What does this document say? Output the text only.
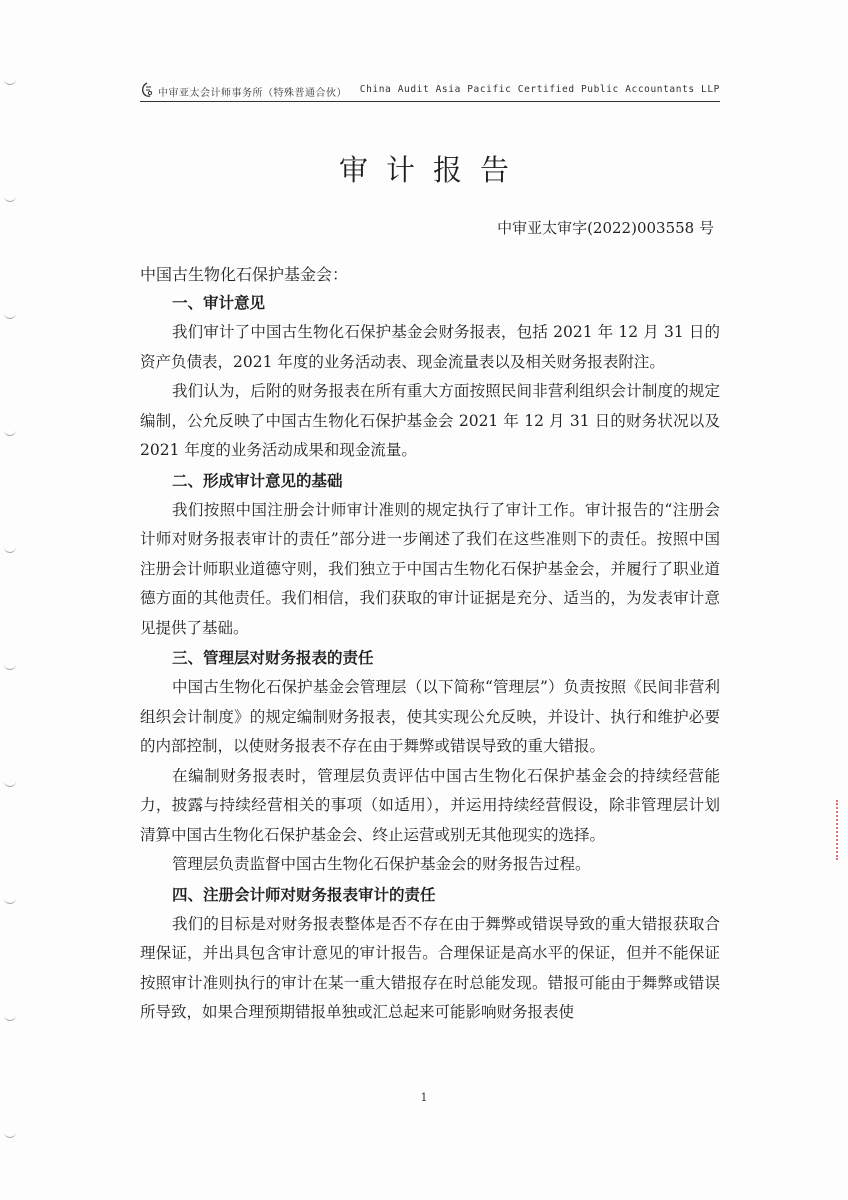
中审亚太会计师事务所（特殊普通合伙） China Audit Asia Pacific Certified Public Accountants LLP
审计报告
中审亚太审字(2022)003558 号
中国古生物化石保护基金会：

一、审计意见

我们审计了中国古生物化石保护基金会财务报表，包括 2021 年 12 月 31 日的资产负债表，2021 年度的业务活动表、现金流量表以及相关财务报表附注。

我们认为，后附的财务报表在所有重大方面按照民间非营利组织会计制度的规定编制，公允反映了中国古生物化石保护基金会 2021 年 12 月 31 日的财务状况以及 2021 年度的业务活动成果和现金流量。

二、形成审计意见的基础

我们按照中国注册会计师审计准则的规定执行了审计工作。审计报告的“注册会计师对财务报表审计的责任”部分进一步阐述了我们在这些准则下的责任。按照中国注册会计师职业道德守则，我们独立于中国古生物化石保护基金会，并履行了职业道德方面的其他责任。我们相信，我们获取的审计证据是充分、适当的，为发表审计意见提供了基础。

三、管理层对财务报表的责任

中国古生物化石保护基金会管理层（以下简称“管理层”）负责按照《民间非营利组织会计制度》的规定编制财务报表，使其实现公允反映，并设计、执行和维护必要的内部控制，以使财务报表不存在由于舞弊或错误导致的重大错报。

在编制财务报表时，管理层负责评估中国古生物化石保护基金会的持续经营能力，披露与持续经营相关的事项（如适用），并运用持续经营假设，除非管理层计划清算中国古生物化石保护基金会、终止运营或别无其他现实的选择。

管理层负责监督中国古生物化石保护基金会的财务报告过程。

四、注册会计师对财务报表审计的责任

我们的目标是对财务报表整体是否不存在由于舞弊或错误导致的重大错报获取合理保证，并出具包含审计意见的审计报告。合理保证是高水平的保证，但并不能保证按照审计准则执行的审计在某一重大错报存在时总能发现。错报可能由于舞弊或错误所导致，如果合理预期错报单独或汇总起来可能影响财务报表使

1
